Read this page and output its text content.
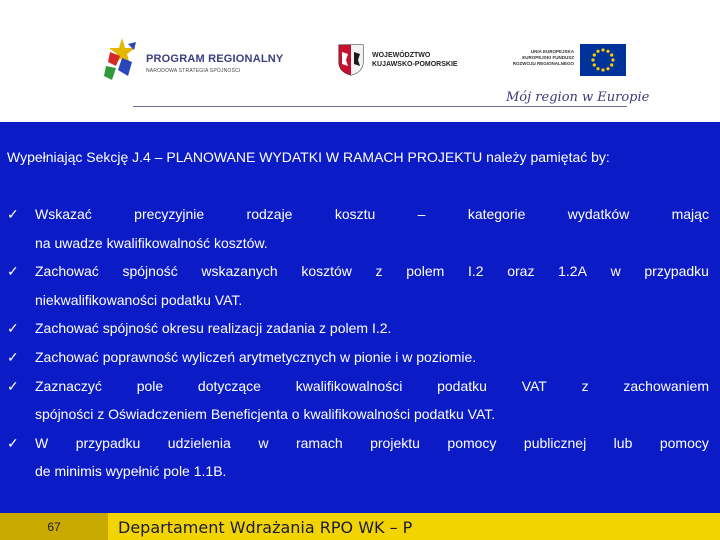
PROGRAM REGIONALNY
NARODOWA STRATEGIA SPÓJNOŚCI
WOJEWÓDZTWO
KUJAWSKO-POMORSKIE
UNIA EUROPEJSKA
EUROPEJSKI FUNDUSZ
ROZWOJU REGIONALNEGO
Mój region w Europie
Wypełniając Sekcję J.4 – PLANOWANE WYDATKI W RAMACH PROJEKTU należy pamiętać by:
✓ Wskazać	precyzyjnie	rodzaje	kosztu	–	kategorie	wydatków	mając
na uwadze kwalifikowalność kosztów.
✓ Zachować spójność wskazanych kosztów z polem I.2 oraz 1.2A w przypadku
niekwalifikowaności podatku VAT.
✓ Zachować spójność okresu realizacji zadania z polem I.2.
✓ Zachować poprawność wyliczeń arytmetycznych w pionie i w poziomie.
✓ Zaznaczyć pole dotyczące kwalifikowalności podatku VAT z zachowaniem
spójności z Oświadczeniem Beneficjenta o kwalifikowalności podatku VAT.
✓ W przypadku udzielenia w ramach projektu pomocy publicznej lub pomocy
de minimis wypełnić pole 1.1B.
67	Departament Wdrażania RPO WK – P
